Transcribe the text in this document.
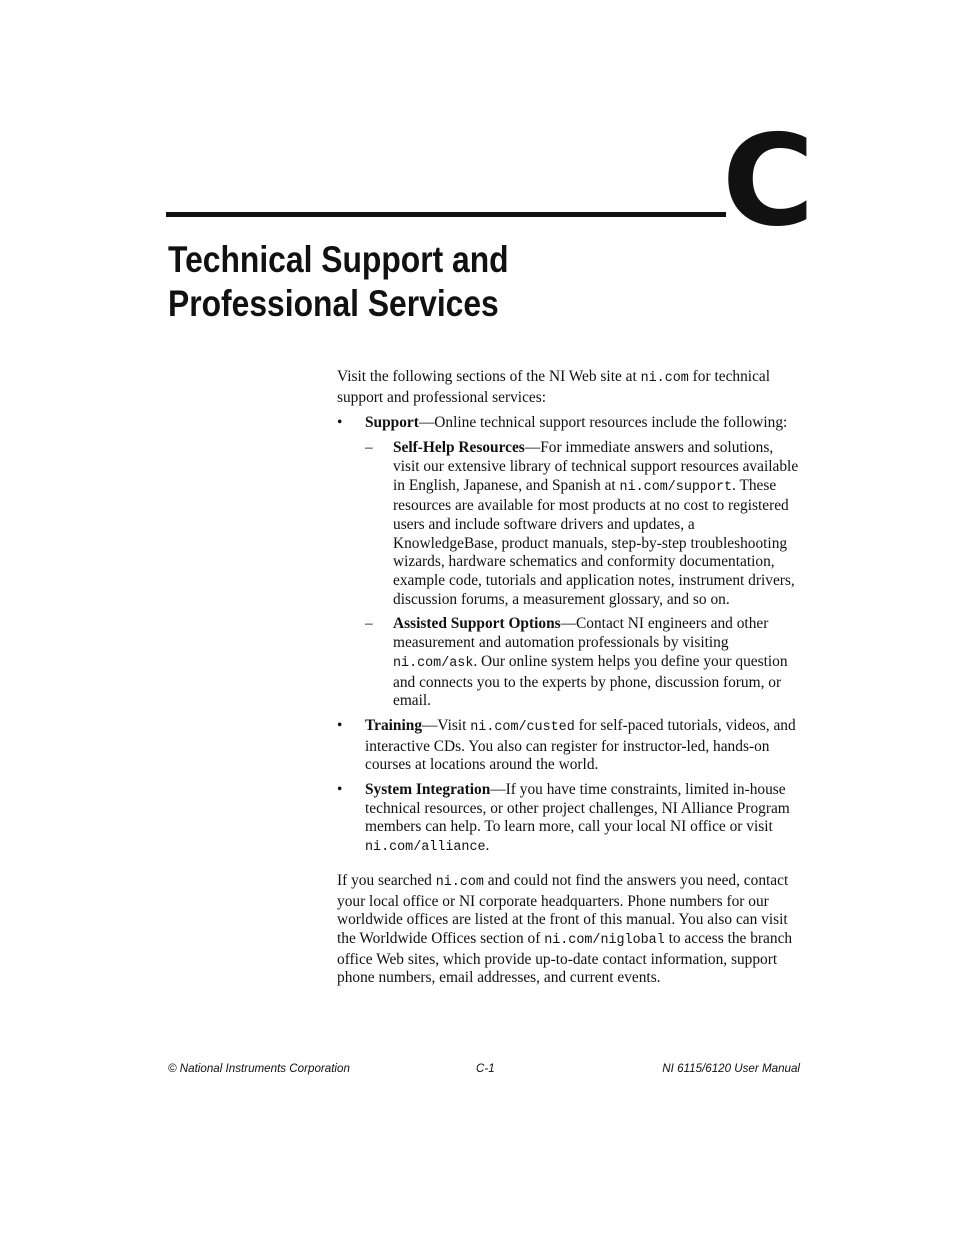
C
Technical Support and
Professional Services

Visit the following sections of the NI Web site at ni.com for technical support and professional services:

• Support—Online technical support resources include the following:
– Self-Help Resources—For immediate answers and solutions, visit our extensive library of technical support resources available in English, Japanese, and Spanish at ni.com/support. These resources are available for most products at no cost to registered users and include software drivers and updates, a KnowledgeBase, product manuals, step-by-step troubleshooting wizards, hardware schematics and conformity documentation, example code, tutorials and application notes, instrument drivers, discussion forums, a measurement glossary, and so on.
– Assisted Support Options—Contact NI engineers and other measurement and automation professionals by visiting ni.com/ask. Our online system helps you define your question and connects you to the experts by phone, discussion forum, or email.
• Training—Visit ni.com/custed for self-paced tutorials, videos, and interactive CDs. You also can register for instructor-led, hands-on courses at locations around the world.
• System Integration—If you have time constraints, limited in-house technical resources, or other project challenges, NI Alliance Program members can help. To learn more, call your local NI office or visit ni.com/alliance.

If you searched ni.com and could not find the answers you need, contact your local office or NI corporate headquarters. Phone numbers for our worldwide offices are listed at the front of this manual. You also can visit the Worldwide Offices section of ni.com/niglobal to access the branch office Web sites, which provide up-to-date contact information, support phone numbers, email addresses, and current events.

© National Instruments Corporation	C-1	NI 6115/6120 User Manual
